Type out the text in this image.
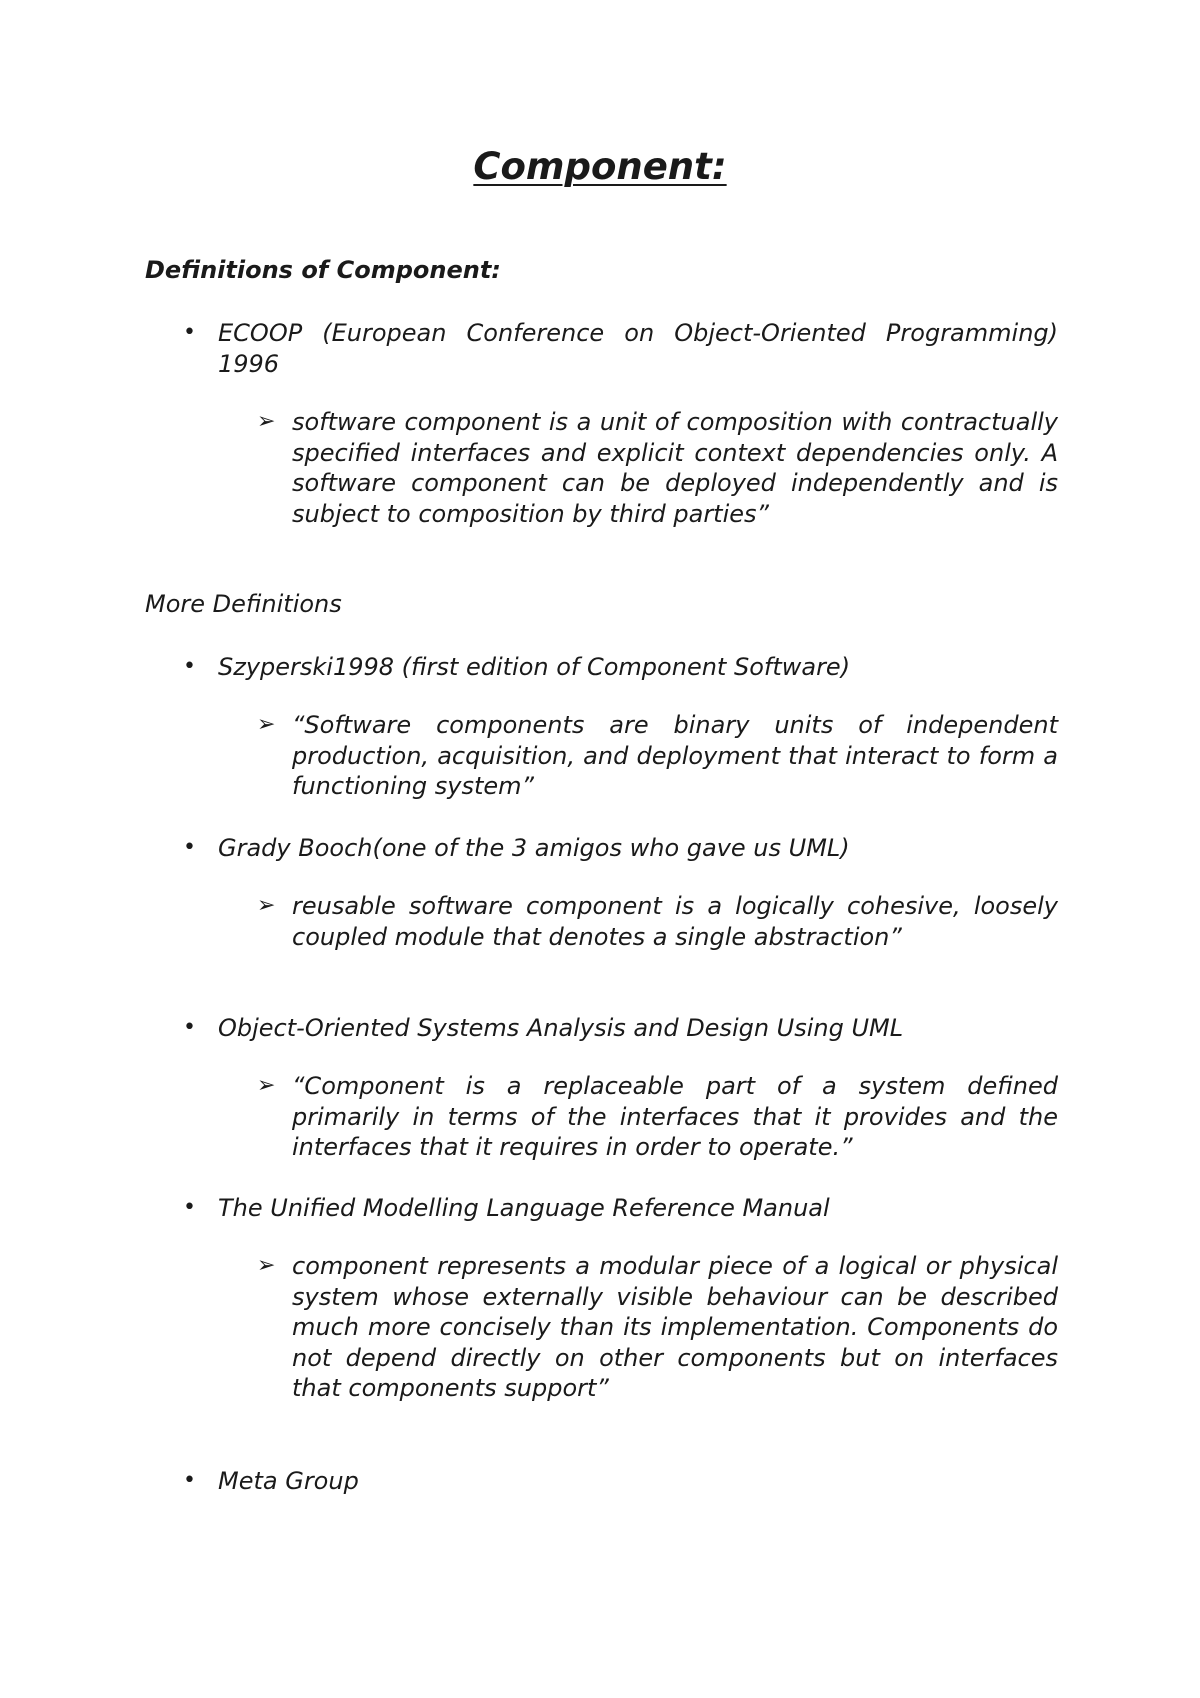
Component:

Definitions of Component:

• ECOOP (European Conference on Object-Oriented Programming) 1996
➢ software component is a unit of composition with contractually specified interfaces and explicit context dependencies only. A software component can be deployed independently and is subject to composition by third parties”

More Definitions

• Szyperski1998 (first edition of Component Software)
➢ “Software components are binary units of independent production, acquisition, and deployment that interact to form a functioning system”
• Grady Booch(one of the 3 amigos who gave us UML)
➢ reusable software component is a logically cohesive, loosely coupled module that denotes a single abstraction”
• Object-Oriented Systems Analysis and Design Using UML
➢ “Component is a replaceable part of a system defined primarily in terms of the interfaces that it provides and the interfaces that it requires in order to operate.”
• The Unified Modelling Language Reference Manual
➢ component represents a modular piece of a logical or physical system whose externally visible behaviour can be described much more concisely than its implementation. Components do not depend directly on other components but on interfaces that components support”
• Meta Group
